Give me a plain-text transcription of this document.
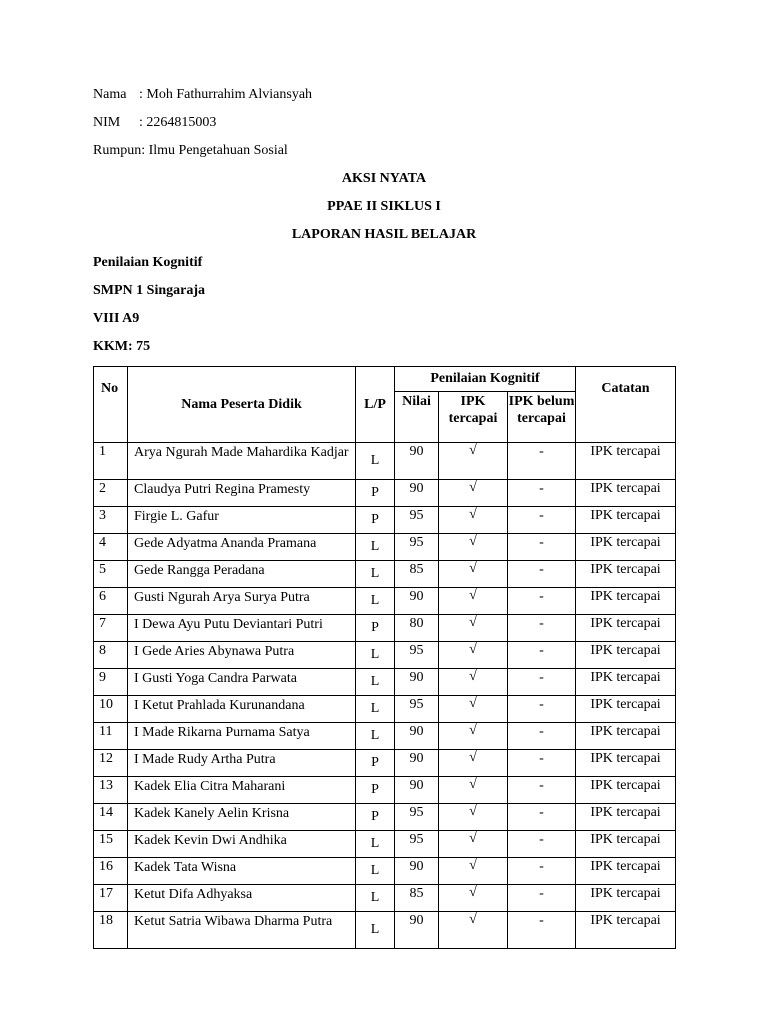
Nama : Moh Fathurrahim Alviansyah
NIM : 2264815003
Rumpun: Ilmu Pengetahuan Sosial
AKSI NYATA
PPAE II SIKLUS I
LAPORAN HASIL BELAJAR
Penilaian Kognitif
SMPN 1 Singaraja
VIII A9
KKM: 75
No	Nama Peserta Didik	L/P	Penilaian Kognitif			Catatan
			Nilai	IPK tercapai	IPK belum tercapai	
1	Arya Ngurah Made Mahardika Kadjar	L	90	√	-	IPK tercapai
2	Claudya Putri Regina Pramesty	P	90	√	-	IPK tercapai
3	Firgie L. Gafur	P	95	√	-	IPK tercapai
4	Gede Adyatma Ananda Pramana	L	95	√	-	IPK tercapai
5	Gede Rangga Peradana	L	85	√	-	IPK tercapai
6	Gusti Ngurah Arya Surya Putra	L	90	√	-	IPK tercapai
7	I Dewa Ayu Putu Deviantari Putri	P	80	√	-	IPK tercapai
8	I Gede Aries Abynawa Putra	L	95	√	-	IPK tercapai
9	I Gusti Yoga Candra Parwata	L	90	√	-	IPK tercapai
10	I Ketut Prahlada Kurunandana	L	95	√	-	IPK tercapai
11	I Made Rikarna Purnama Satya	L	90	√	-	IPK tercapai
12	I Made Rudy Artha Putra	P	90	√	-	IPK tercapai
13	Kadek Elia Citra Maharani	P	90	√	-	IPK tercapai
14	Kadek Kanely Aelin Krisna	P	95	√	-	IPK tercapai
15	Kadek Kevin Dwi Andhika	L	95	√	-	IPK tercapai
16	Kadek Tata Wisna	L	90	√	-	IPK tercapai
17	Ketut Difa Adhyaksa	L	85	√	-	IPK tercapai
18	Ketut Satria Wibawa Dharma Putra	L	90	√	-	IPK tercapai
